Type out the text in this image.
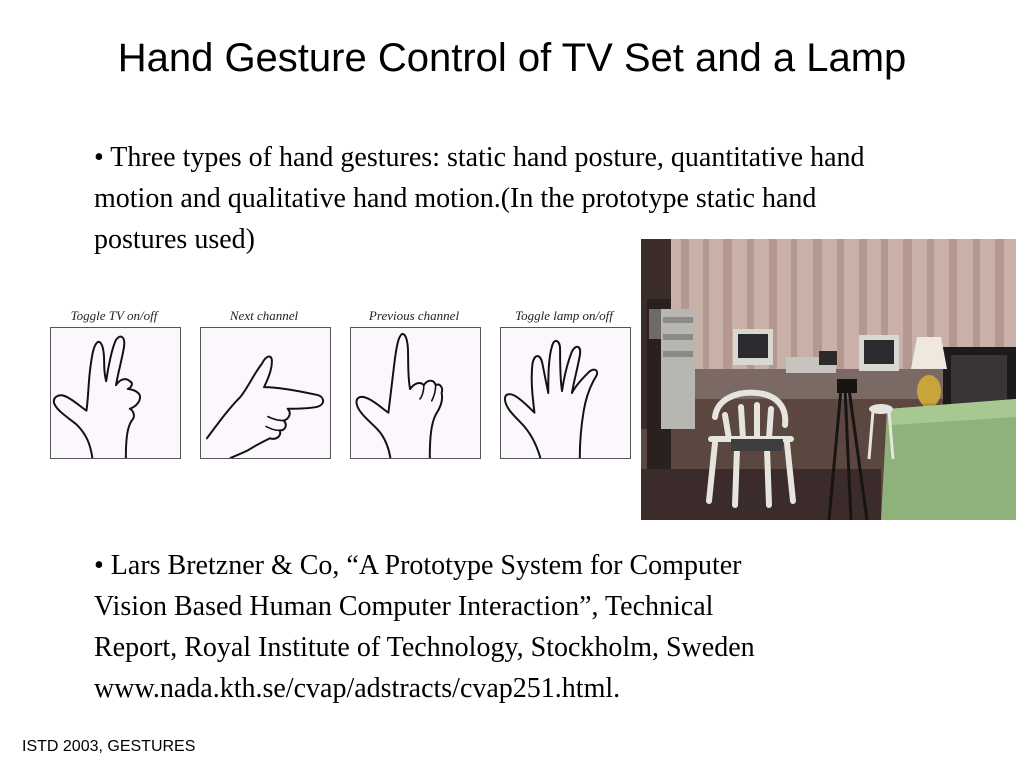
Hand Gesture Control of TV Set and a Lamp
• Three types of hand gestures: static hand posture, quantitative hand motion and qualitative hand motion.(In the prototype static hand postures used)
Toggle TV on/off	Next channel	Previous channel	Toggle lamp on/off
• Lars Bretzner & Co, “A Prototype System for Computer
Vision Based Human Computer Interaction”, Technical
Report, Royal Institute of Technology, Stockholm, Sweden
www.nada.kth.se/cvap/adstracts/cvap251.html.
ISTD 2003, GESTURES
